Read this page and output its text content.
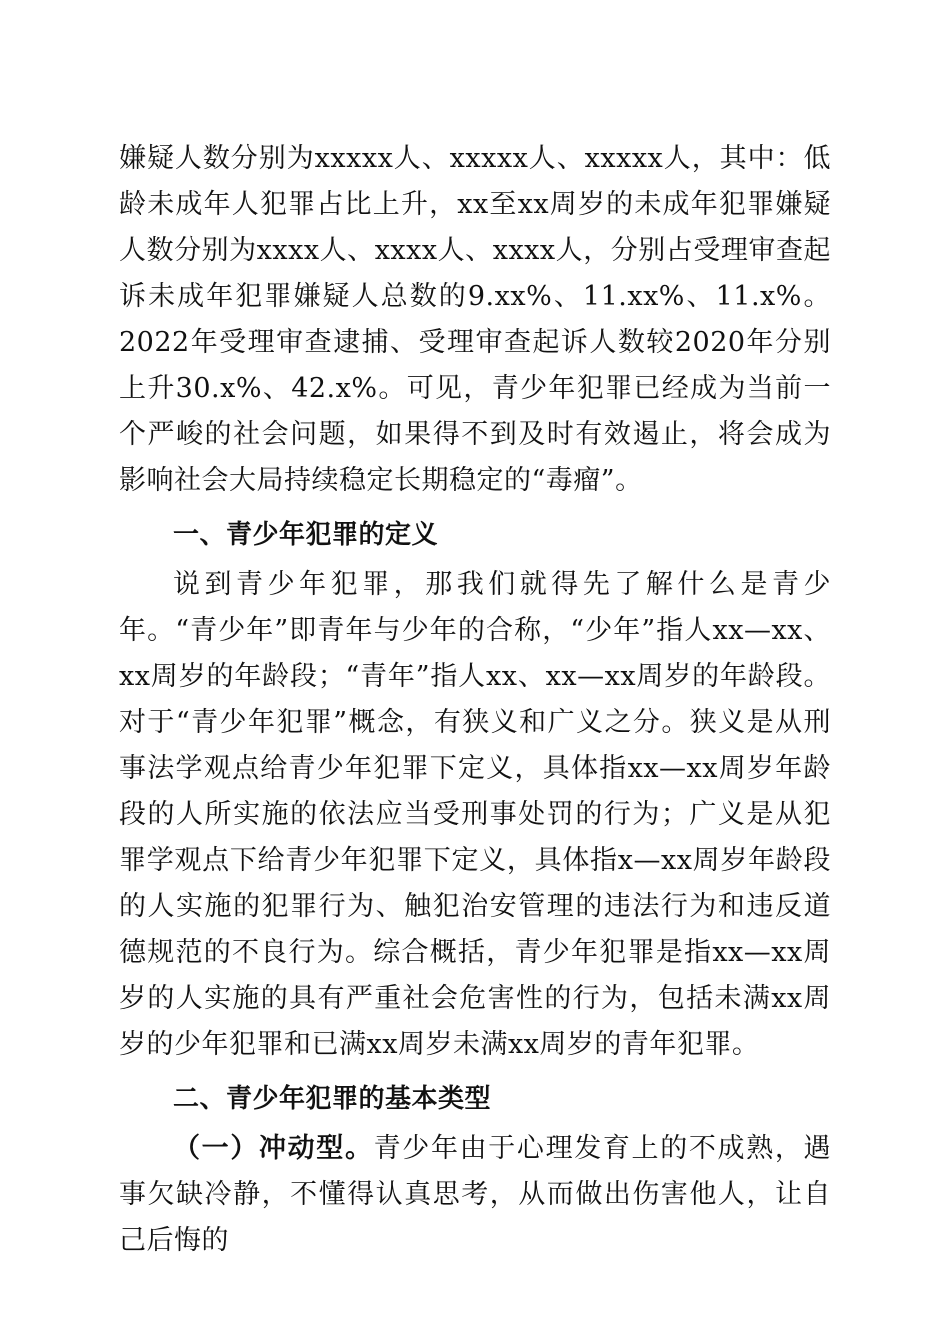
嫌疑人数分别为xxxxx人、xxxxx人、xxxxx人，其中：低龄未成年人犯罪占比上升，xx至xx周岁的未成年犯罪嫌疑人数分别为xxxx人、xxxx人、xxxx人，分别占受理审查起诉未成年犯罪嫌疑人总数的9.xx%、11.xx%、11.x%。2022年受理审查逮捕、受理审查起诉人数较2020年分别上升30.x%、42.x%。可见，青少年犯罪已经成为当前一个严峻的社会问题，如果得不到及时有效遏止，将会成为影响社会大局持续稳定长期稳定的“毒瘤”。

一、青少年犯罪的定义

说到青少年犯罪，那我们就得先了解什么是青少年。“青少年”即青年与少年的合称，“少年”指人xx—xx、xx周岁的年龄段；“青年”指人xx、xx—xx周岁的年龄段。对于“青少年犯罪”概念，有狭义和广义之分。狭义是从刑事法学观点给青少年犯罪下定义，具体指xx—xx周岁年龄段的人所实施的依法应当受刑事处罚的行为；广义是从犯罪学观点下给青少年犯罪下定义，具体指x—xx周岁年龄段的人实施的犯罪行为、触犯治安管理的违法行为和违反道德规范的不良行为。综合概括，青少年犯罪是指xx—xx周岁的人实施的具有严重社会危害性的行为，包括未满xx周岁的少年犯罪和已满xx周岁未满xx周岁的青年犯罪。

二、青少年犯罪的基本类型

（一）冲动型。青少年由于心理发育上的不成熟，遇事欠缺冷静，不懂得认真思考，从而做出伤害他人，让自己后悔的
